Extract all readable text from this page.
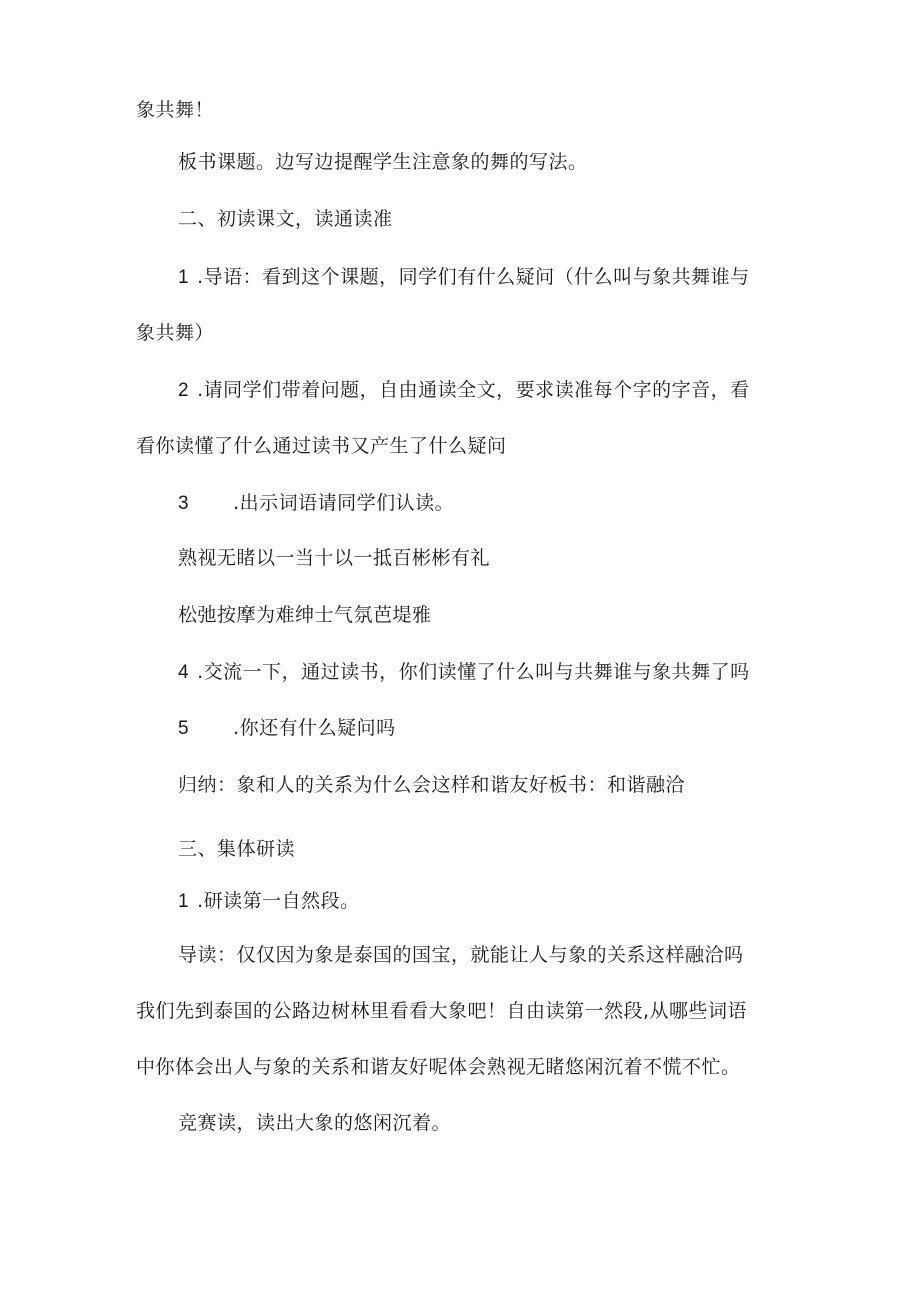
象共舞！
板书课题。边写边提醒学生注意象的舞的写法。
二、初读课文，读通读准
1 .导语：看到这个课题，同学们有什么疑问（什么叫与象共舞谁与
象共舞）
2 .请同学们带着问题，自由通读全文，要求读准每个字的字音，看
看你读懂了什么通过读书又产生了什么疑问
3 .出示词语请同学们认读。
熟视无睹以一当十以一抵百彬彬有礼
松弛按摩为难绅士气氛芭堤雅
4 .交流一下，通过读书，你们读懂了什么叫与共舞谁与象共舞了吗
5 .你还有什么疑问吗
归纳：象和人的关系为什么会这样和谐友好板书：和谐融洽
三、集体研读
1 .研读第一自然段。
导读：仅仅因为象是泰国的国宝，就能让人与象的关系这样融洽吗
我们先到泰国的公路边树林里看看大象吧！自由读第一然段,从哪些词语
中你体会出人与象的关系和谐友好呢体会熟视无睹悠闲沉着不慌不忙。
竞赛读，读出大象的悠闲沉着。
